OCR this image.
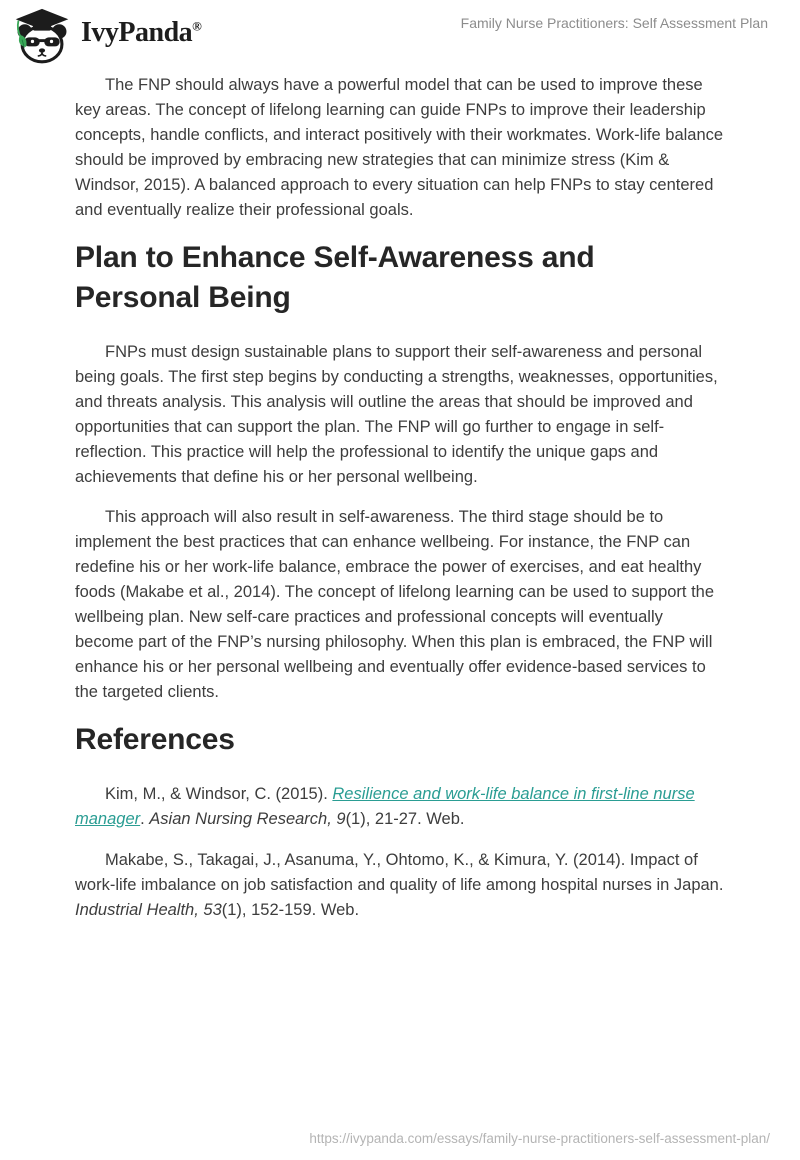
IvyPanda®	Family Nurse Practitioners: Self Assessment Plan

The FNP should always have a powerful model that can be used to improve these key areas. The concept of lifelong learning can guide FNPs to improve their leadership concepts, handle conflicts, and interact positively with their workmates. Work-life balance should be improved by embracing new strategies that can minimize stress (Kim & Windsor, 2015). A balanced approach to every situation can help FNPs to stay centered and eventually realize their professional goals.

Plan to Enhance Self-Awareness and Personal Being

FNPs must design sustainable plans to support their self-awareness and personal being goals. The first step begins by conducting a strengths, weaknesses, opportunities, and threats analysis. This analysis will outline the areas that should be improved and opportunities that can support the plan. The FNP will go further to engage in self-reflection. This practice will help the professional to identify the unique gaps and achievements that define his or her personal wellbeing.

This approach will also result in self-awareness. The third stage should be to implement the best practices that can enhance wellbeing. For instance, the FNP can redefine his or her work-life balance, embrace the power of exercises, and eat healthy foods (Makabe et al., 2014). The concept of lifelong learning can be used to support the wellbeing plan. New self-care practices and professional concepts will eventually become part of the FNP’s nursing philosophy. When this plan is embraced, the FNP will enhance his or her personal wellbeing and eventually offer evidence-based services to the targeted clients.

References

Kim, M., & Windsor, C. (2015). Resilience and work-life balance in first-line nurse manager. Asian Nursing Research, 9(1), 21-27. Web.

Makabe, S., Takagai, J., Asanuma, Y., Ohtomo, K., & Kimura, Y. (2014). Impact of work-life imbalance on job satisfaction and quality of life among hospital nurses in Japan. Industrial Health, 53(1), 152-159. Web.

https://ivypanda.com/essays/family-nurse-practitioners-self-assessment-plan/
